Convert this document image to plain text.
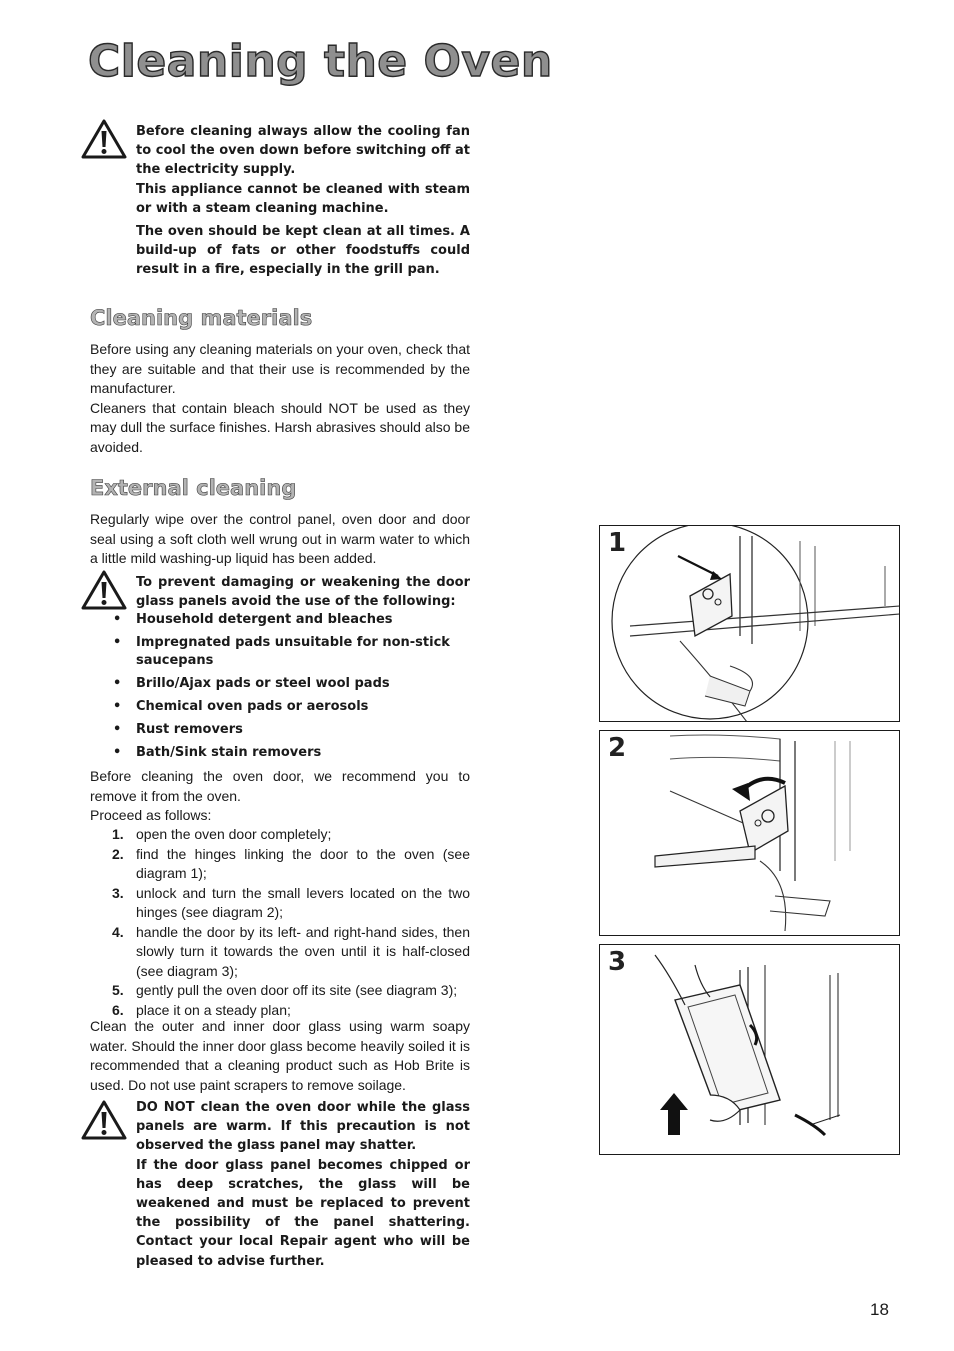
Cleaning the Oven

Before cleaning always allow the cooling fan to cool the oven down before switching off at the electricity supply.

This appliance cannot be cleaned with steam or with a steam cleaning machine.

The oven should be kept clean at all times. A build-up of fats or other foodstuffs could result in a fire, especially in the grill pan.

Cleaning materials

Before using any cleaning materials on your oven, check that they are suitable and that their use is recommended by the manufacturer.

Cleaners that contain bleach should NOT be used as they may dull the surface finishes. Harsh abrasives should also be avoided.

External cleaning

Regularly wipe over the control panel, oven door and door seal using a soft cloth well wrung out in warm water to which a little mild washing-up liquid has been added.

To prevent damaging or weakening the door glass panels avoid the use of the following:

• Household detergent and bleaches
• Impregnated pads unsuitable for non-stick saucepans
• Brillo/Ajax pads or steel wool pads
• Chemical oven pads or aerosols
• Rust removers
• Bath/Sink stain removers

Before cleaning the oven door, we recommend you to remove it from the oven.

Proceed as follows:

1. open the oven door completely;
2. find the hinges linking the door to the oven (see diagram 1);
3. unlock and turn the small levers located on the two hinges (see diagram 2);
4. handle the door by its left- and right-hand sides, then slowly turn it towards the oven until it is half-closed (see diagram 3);
5. gently pull the oven door off its site (see diagram 3);
6. place it on a steady plan;

Clean the outer and inner door glass using warm soapy water. Should the inner door glass become heavily soiled it is recommended that a cleaning product such as Hob Brite is used. Do not use paint scrapers to remove soilage.

DO NOT clean the oven door while the glass panels are warm. If this precaution is not observed the glass panel may shatter.

If the door glass panel becomes chipped or has deep scratches, the glass will be weakened and must be replaced to prevent the possibility of the panel shattering. Contact your local Repair agent who will be pleased to advise further.

1
2
3
18
